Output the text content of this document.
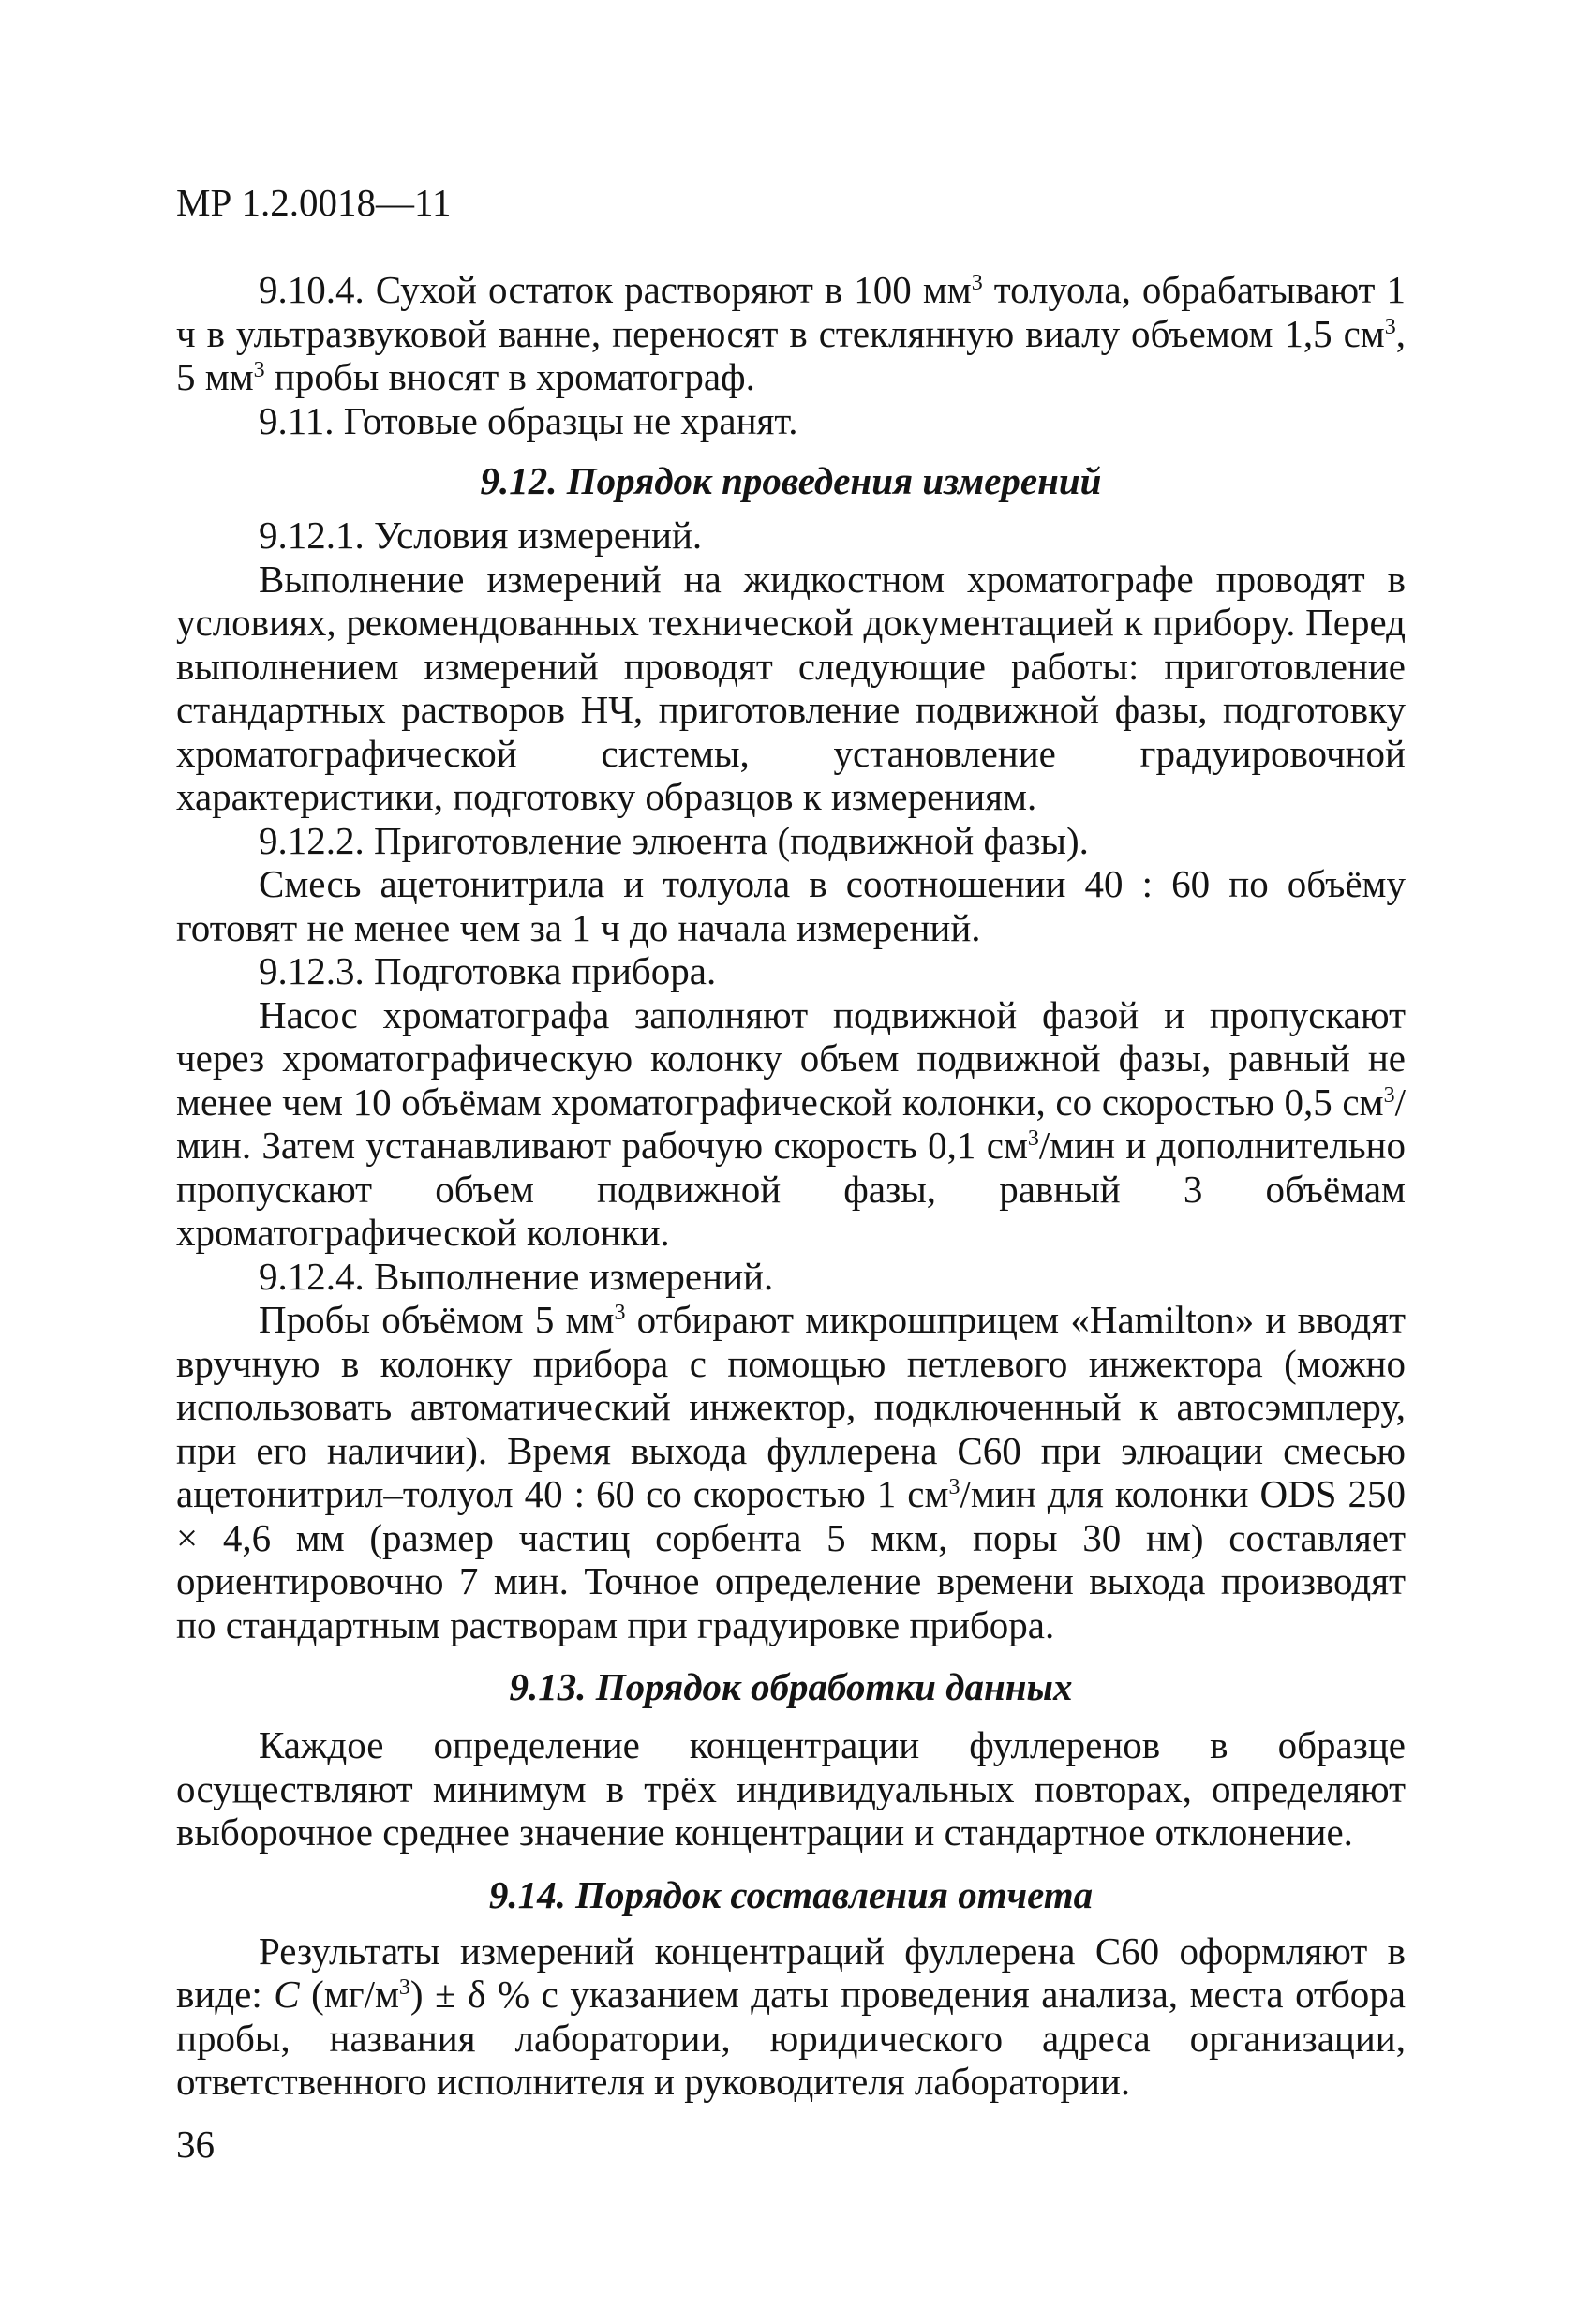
МР 1.2.0018—11

9.10.4. Сухой остаток растворяют в 100 $мм^3$ толуола, обрабатывают 1 ч в ультразвуковой ванне, переносят в стеклянную виалу объемом 1,5 $см^3$, 5 $мм^3$ пробы вносят в хроматограф.

9.11. Готовые образцы не хранят.

9.12. Порядок проведения измерений

9.12.1. Условия измерений.

Выполнение измерений на жидкостном хроматографе проводят в условиях, рекомендованных технической документацией к прибору. Перед выполнением измерений проводят следующие работы: приготовление стандартных растворов НЧ, приготовление подвижной фазы, подготовку хроматографической системы, установление градуировочной характеристики, подготовку образцов к измерениям.

9.12.2. Приготовление элюента (подвижной фазы).

Смесь ацетонитрила и толуола в соотношении 40 : 60 по объёму готовят не менее чем за 1 ч до начала измерений.

9.12.3. Подготовка прибора.

Насос хроматографа заполняют подвижной фазой и пропускают через хроматографическую колонку объем подвижной фазы, равный не менее чем 10 объёмам хроматографической колонки, со скоростью 0,5 $см^3$/мин. Затем устанавливают рабочую скорость 0,1 $см^3$/мин и дополнительно пропускают объем подвижной фазы, равный 3 объёмам хроматографической колонки.

9.12.4. Выполнение измерений.

Пробы объёмом 5 $мм^3$ отбирают микрошприцем «Hamilton» и вводят вручную в колонку прибора с помощью петлевого инжектора (можно использовать автоматический инжектор, подключенный к автосэмплеру, при его наличии). Время выхода фуллерена С60 при элюации смесью ацетонитрил–толуол 40 : 60 со скоростью 1 $см^3$/мин для колонки ODS 250 × 4,6 мм (размер частиц сорбента 5 мкм, поры 30 нм) составляет ориентировочно 7 мин. Точное определение времени выхода производят по стандартным растворам при градуировке прибора.

9.13. Порядок обработки данных

Каждое определение концентрации фуллеренов в образце осуществляют минимум в трёх индивидуальных повторах, определяют выборочное среднее значение концентрации и стандартное отклонение.

9.14. Порядок составления отчета

Результаты измерений концентраций фуллерена С60 оформляют в виде: С $(мг/м^3) \pm \delta$ % с указанием даты проведения анализа, места отбора пробы, названия лаборатории, юридического адреса организации, ответственного исполнителя и руководителя лаборатории.

36
